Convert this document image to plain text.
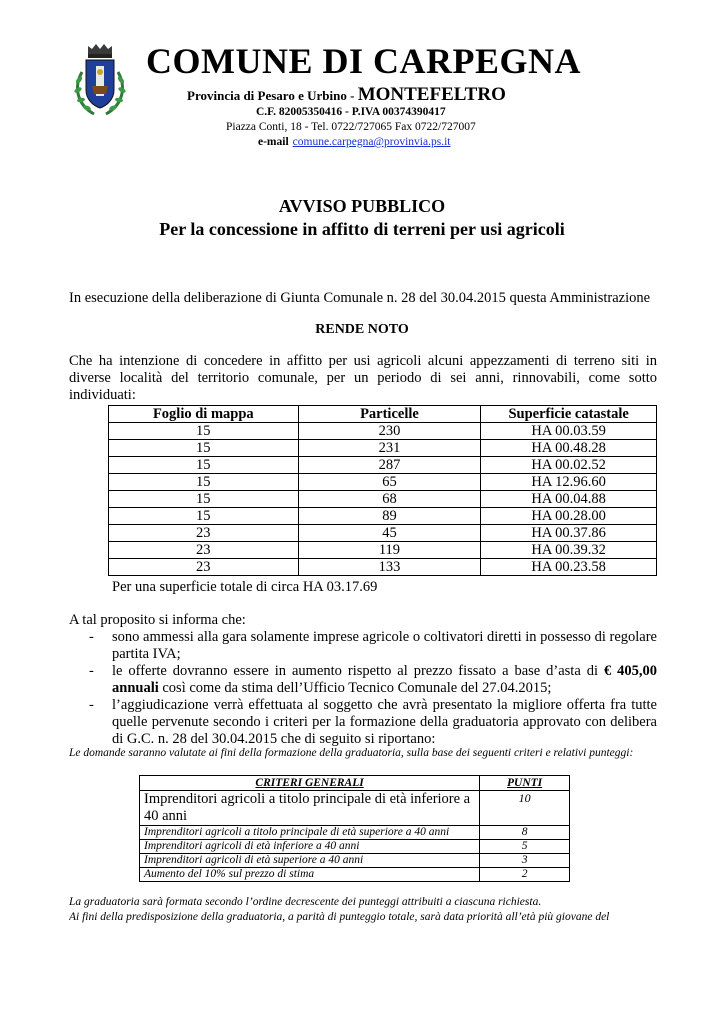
COMUNE DI CARPEGNA
Provincia di Pesaro e Urbino - MONTEFELTRO
C.F. 82005350416 - P.IVA 00374390417
Piazza Conti, 18 - Tel. 0722/727065 Fax 0722/727007
e-mail comune.carpegna@provinvia.ps.it
AVVISO PUBBLICO
Per la concessione in affitto di terreni per usi agricoli
In esecuzione della deliberazione di Giunta Comunale n. 28 del 30.04.2015 questa Amministrazione
RENDE NOTO
Che ha intenzione di concedere in affitto per usi agricoli alcuni appezzamenti di terreno siti in diverse località del territorio comunale, per un periodo di sei anni, rinnovabili, come sotto individuati:
Foglio di mappa	Particelle	Superficie catastale
15	230	HA 00.03.59
15	231	HA 00.48.28
15	287	HA 00.02.52
15	65	HA 12.96.60
15	68	HA 00.04.88
15	89	HA 00.28.00
23	45	HA 00.37.86
23	119	HA 00.39.32
23	133	HA 00.23.58
Per una superficie totale di circa HA 03.17.69
A tal proposito si informa che:
- sono ammessi alla gara solamente imprese agricole o coltivatori diretti in possesso di regolare partita IVA;
- le offerte dovranno essere in aumento rispetto al prezzo fissato a base d’asta di € 405,00 annuali così come da stima dell’Ufficio Tecnico Comunale del 27.04.2015;
- l’aggiudicazione verrà effettuata al soggetto che avrà presentato la migliore offerta fra tutte quelle pervenute secondo i criteri per la formazione della graduatoria approvato con delibera di G.C. n. 28 del 30.04.2015 che di seguito si riportano:
Le domande saranno valutate ai fini della formazione della graduatoria, sulla base dei seguenti criteri e relativi punteggi:
CRITERI GENERALI	PUNTI
Imprenditori agricoli a titolo principale di età inferiore a 40 anni	10
Imprenditori agricoli a titolo principale di età superiore a 40 anni	8
Imprenditori agricoli di età inferiore a 40 anni	5
Imprenditori agricoli di età superiore a 40 anni	3
Aumento del 10% sul prezzo di stima	2
La graduatoria sarà formata secondo l’ordine decrescente dei punteggi attribuiti a ciascuna richiesta.
Ai fini della predisposizione della graduatoria, a parità di punteggio totale, sarà data priorità all’età più giovane del
